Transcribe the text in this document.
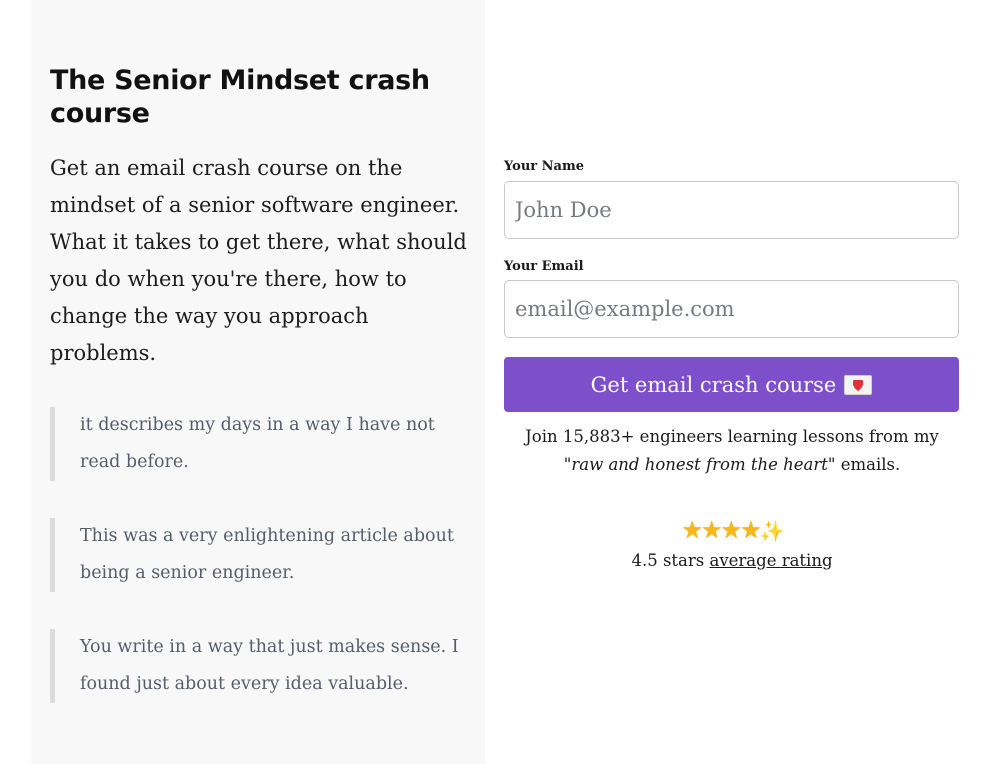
The Senior Mindset crash course

Get an email crash course on the mindset of a senior software engineer. What it takes to get there, what should you do when you're there, how to change the way you approach problems.

it describes my days in a way I have not read before.
This was a very enlightening article about being a senior engineer.
You write in a way that just makes sense. I found just about every idea valuable.
Your Name
John Doe
Your Email
email@example.com
Get email crash course

Join 15,883+ engineers learning lessons from my "raw and honest from the heart" emails.

★★★★✨
4.5 stars average rating
